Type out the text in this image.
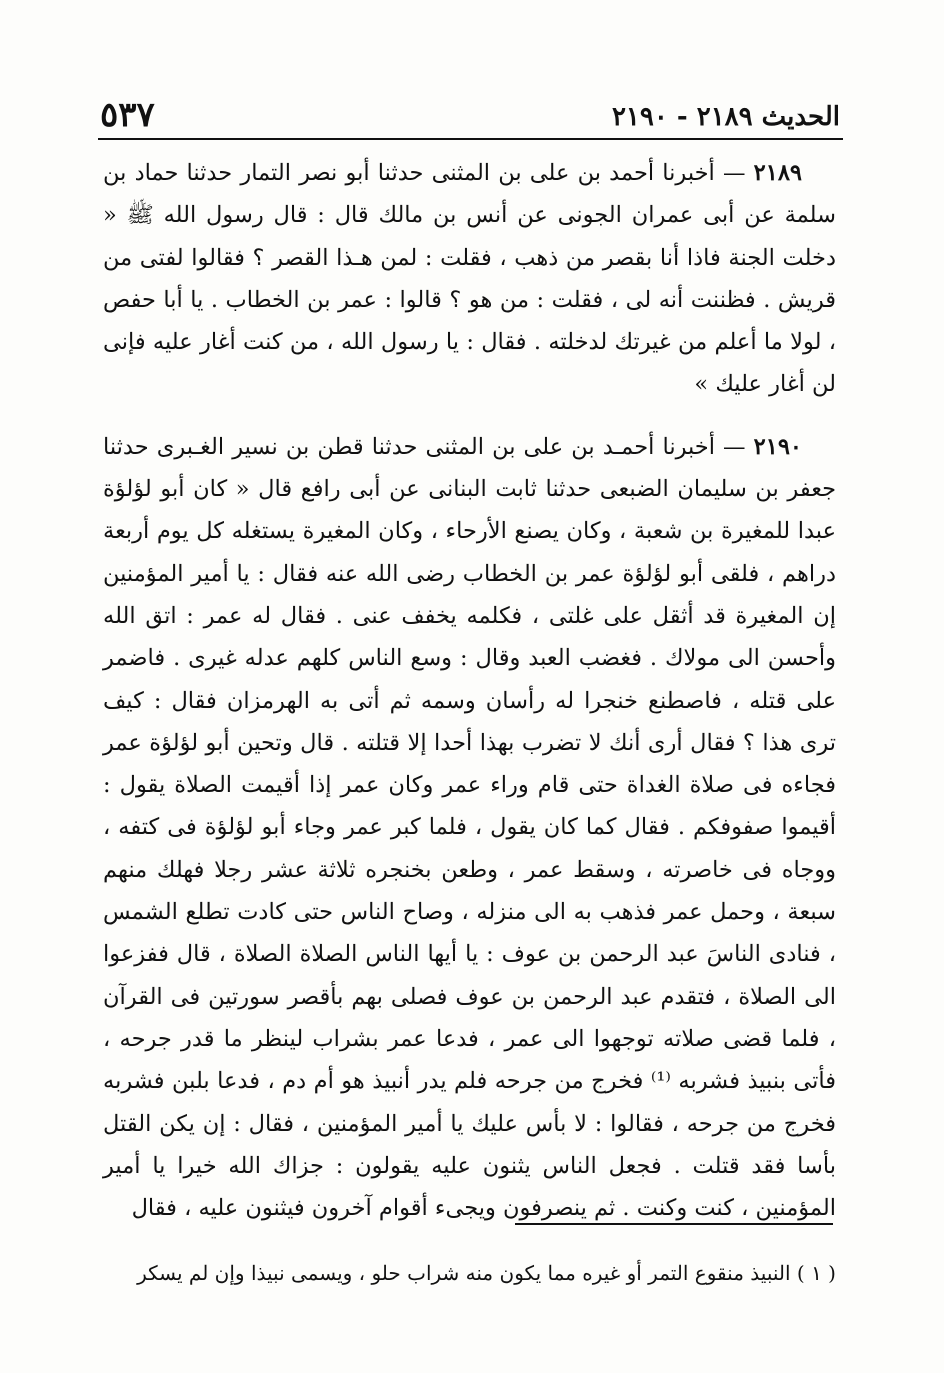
الحديث ٢١٨٩ - ٢١٩٠
٥٣٧

٢١٨٩ — أخبرنا أحمد بن على بن المثنى حدثنا أبو نصر التمار حدثنا حماد بن سلمة عن أبى عمران الجونى عن أنس بن مالك قال : قال رسول الله ﷺ « دخلت الجنة فاذا أنا بقصر من ذهب ، فقلت : لمن هـذا القصر ؟ فقالوا لفتى من قريش . فظننت أنه لى ، فقلت : من هو ؟ قالوا : عمر بن الخطاب . يا أبا حفص ، لولا ما أعلم من غيرتك لدخلته . فقال : يا رسول الله ، من كنت أغار عليه فإنى لن أغار عليك »

٢١٩٠ — أخبرنا أحمـد بن على بن المثنى حدثنا قطن بن نسير الغـبرى حدثنا جعفر بن سليمان الضبعى حدثنا ثابت البنانى عن أبى رافع قال « كان أبو لؤلؤة عبدا للمغيرة بن شعبة ، وكان يصنع الأرحاء ، وكان المغيرة يستغله كل يوم أربعة دراهم ، فلقى أبو لؤلؤة عمر بن الخطاب رضى الله عنه فقال : يا أمير المؤمنين إن المغيرة قد أثقل على غلتى ، فكلمه يخفف عنى . فقال له عمر : اتق الله وأحسن الى مولاك . فغضب العبد وقال : وسع الناس كلهم عدله غيرى . فاضمر على قتله ، فاصطنع خنجرا له رأسان وسمه ثم أتى به الهرمزان فقال : كيف ترى هذا ؟ فقال أرى أنك لا تضرب بهذا أحدا إلا قتلته . قال وتحين أبو لؤلؤة عمر فجاءه فى صلاة الغداة حتى قام وراء عمر وكان عمر إذا أقيمت الصلاة يقول : أقيموا صفوفكم . فقال كما كان يقول ، فلما كبر عمر وجاء أبو لؤلؤة فى كتفه ، ووجاه فى خاصرته ، وسقط عمر ، وطعن بخنجره ثلاثة عشر رجلا فهلك منهم سبعة ، وحمل عمر فذهب به الى منزله ، وصاح الناس حتى كادت تطلع الشمس ، فنادى الناسَ عبد الرحمن بن عوف : يا أيها الناس الصلاة الصلاة ، قال ففزعوا الى الصلاة ، فتقدم عبد الرحمن بن عوف فصلى بهم بأقصر سورتين فى القرآن ، فلما قضى صلاته توجهوا الى عمر ، فدعا عمر بشراب لينظر ما قدر جرحه ، فأتى بنبيذ فشربه ⁽¹⁾ فخرج من جرحه فلم يدر أنبيذ هو أم دم ، فدعا بلبن فشربه فخرج من جرحه ، فقالوا : لا بأس عليك يا أمير المؤمنين ، فقال : إن يكن القتل بأسا فقد قتلت . فجعل الناس يثنون عليه يقولون : جزاك الله خيرا يا أمير المؤمنين ، كنت وكنت . ثم ينصرفون ويجىء أقوام آخرون فيثنون عليه ، فقال

( ١ ) النبيذ منقوع التمر أو غيره مما يكون منه شراب حلو ، ويسمى نبيذا وإن لم يسكر
